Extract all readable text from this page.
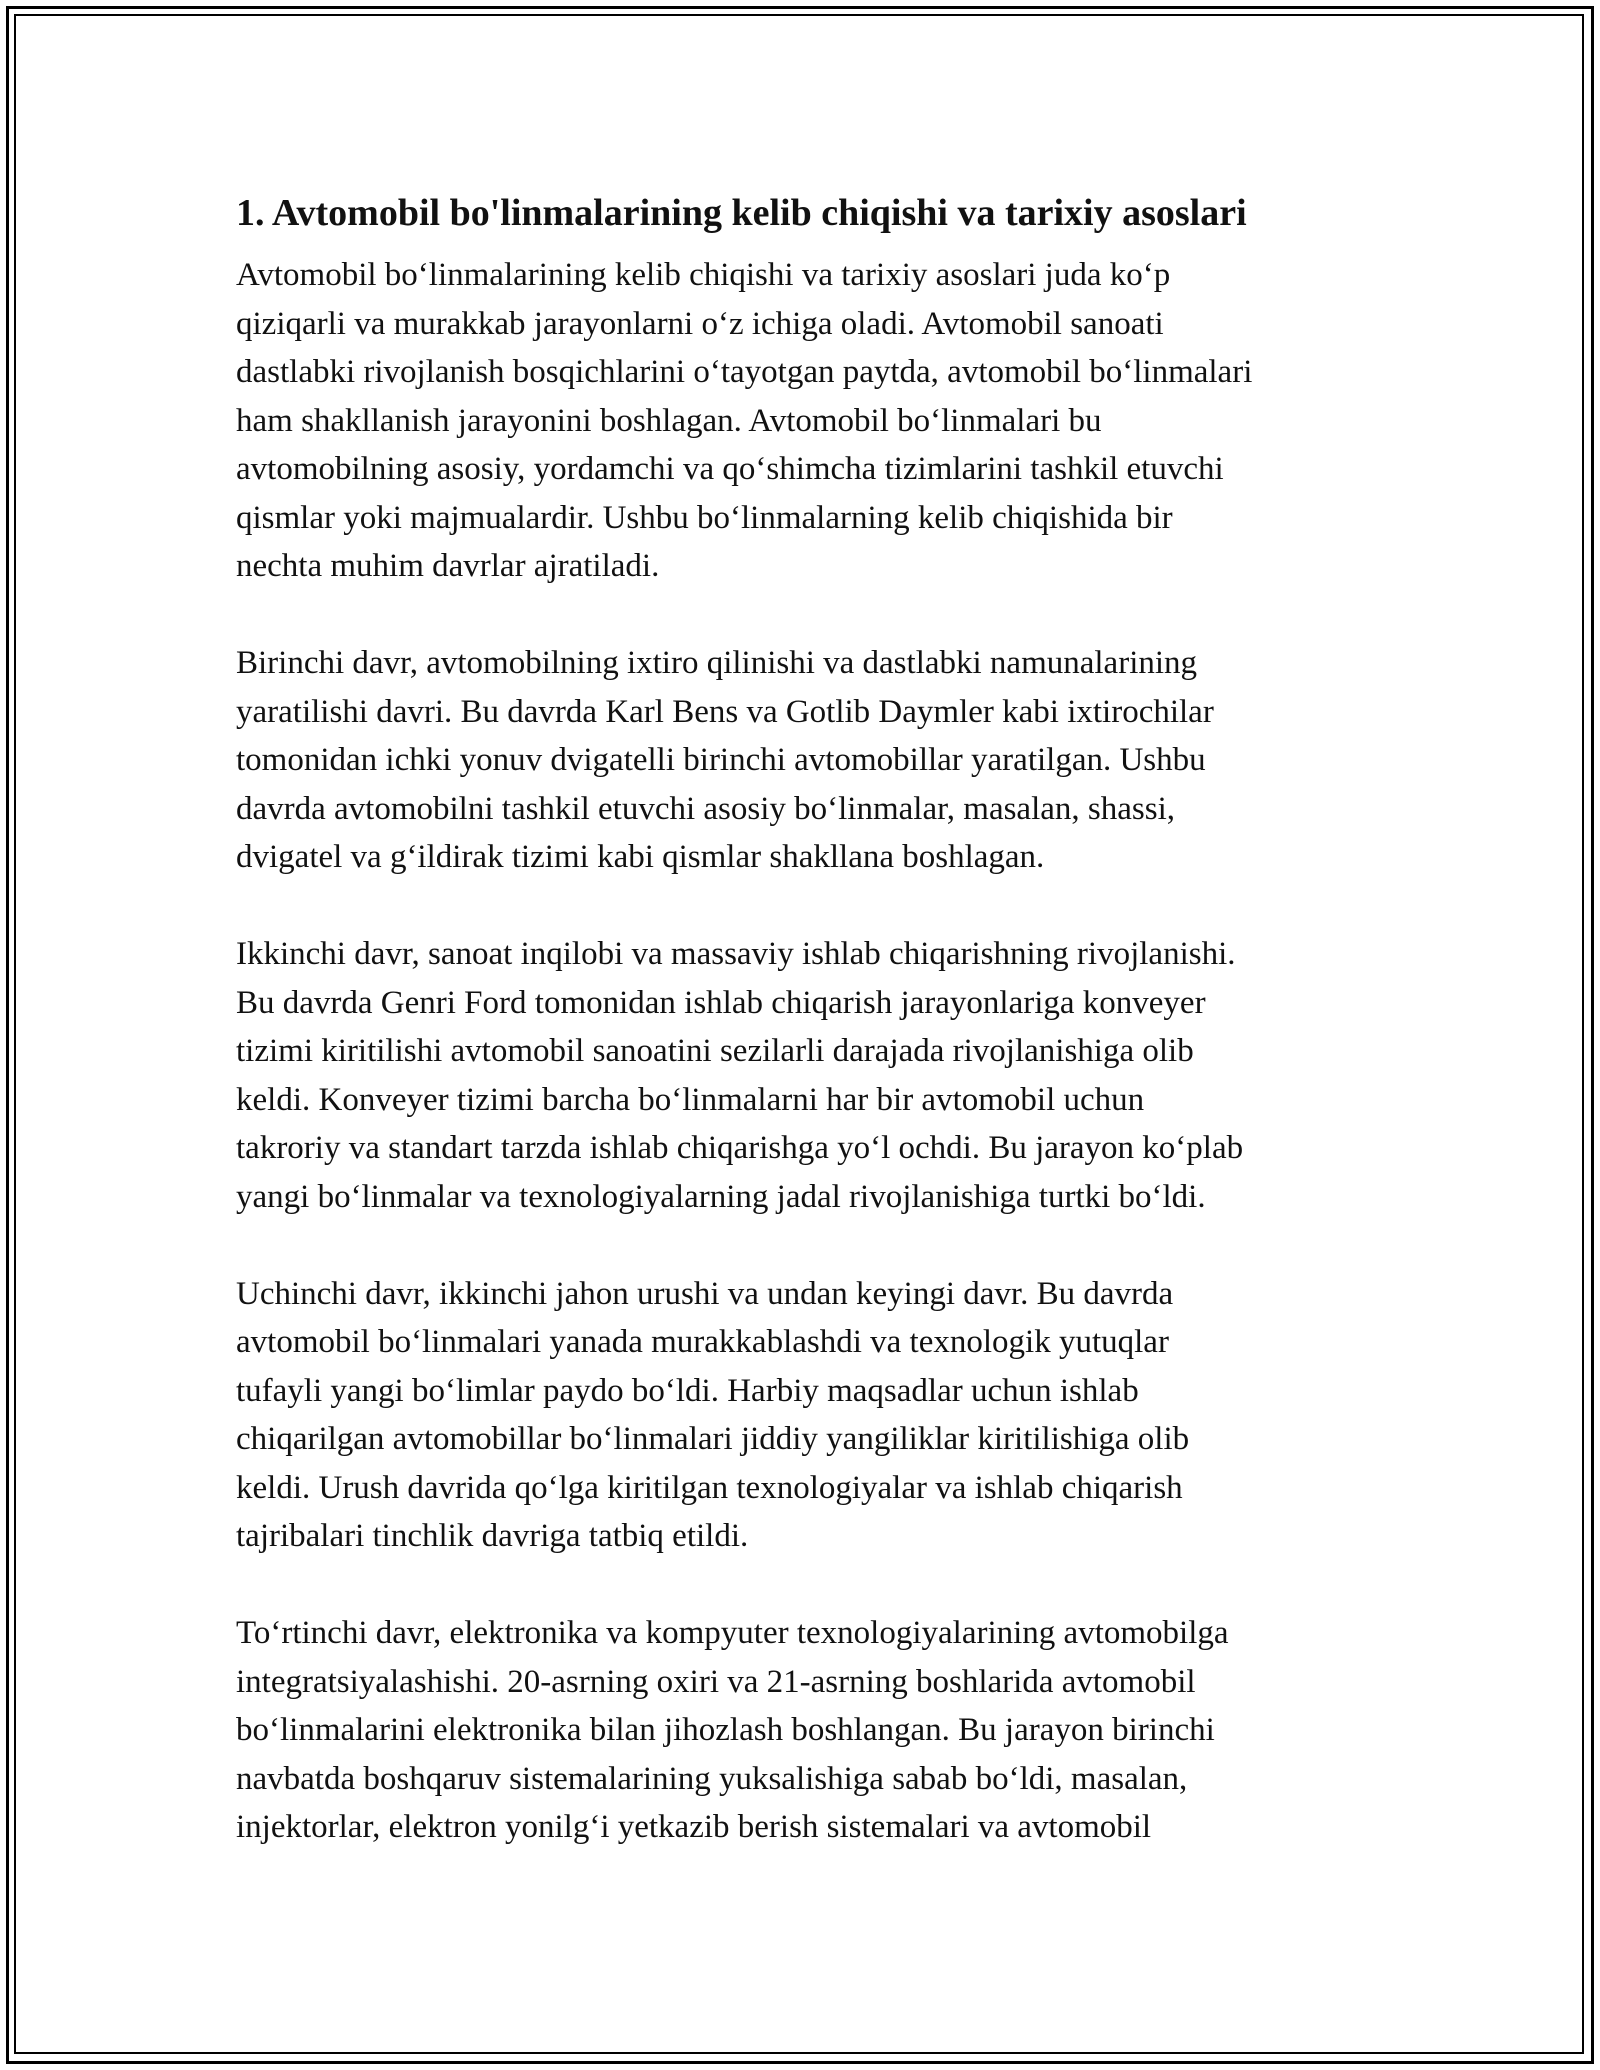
1. Avtomobil bo'linmalarining kelib chiqishi va tarixiy asoslari

Avtomobil bo‘linmalarining kelib chiqishi va tarixiy asoslari juda ko‘p
qiziqarli va murakkab jarayonlarni o‘z ichiga oladi. Avtomobil sanoati
dastlabki rivojlanish bosqichlarini o‘tayotgan paytda, avtomobil bo‘linmalari
ham shakllanish jarayonini boshlagan. Avtomobil bo‘linmalari bu
avtomobilning asosiy, yordamchi va qo‘shimcha tizimlarini tashkil etuvchi
qismlar yoki majmualardir. Ushbu bo‘linmalarning kelib chiqishida bir
nechta muhim davrlar ajratiladi.

Birinchi davr, avtomobilning ixtiro qilinishi va dastlabki namunalarining
yaratilishi davri. Bu davrda Karl Bens va Gotlib Daymler kabi ixtirochilar
tomonidan ichki yonuv dvigatelli birinchi avtomobillar yaratilgan. Ushbu
davrda avtomobilni tashkil etuvchi asosiy bo‘linmalar, masalan, shassi,
dvigatel va g‘ildirak tizimi kabi qismlar shakllana boshlagan.

Ikkinchi davr, sanoat inqilobi va massaviy ishlab chiqarishning rivojlanishi.
Bu davrda Genri Ford tomonidan ishlab chiqarish jarayonlariga konveyer
tizimi kiritilishi avtomobil sanoatini sezilarli darajada rivojlanishiga olib
keldi. Konveyer tizimi barcha bo‘linmalarni har bir avtomobil uchun
takroriy va standart tarzda ishlab chiqarishga yo‘l ochdi. Bu jarayon ko‘plab
yangi bo‘linmalar va texnologiyalarning jadal rivojlanishiga turtki bo‘ldi.

Uchinchi davr, ikkinchi jahon urushi va undan keyingi davr. Bu davrda
avtomobil bo‘linmalari yanada murakkablashdi va texnologik yutuqlar
tufayli yangi bo‘limlar paydo bo‘ldi. Harbiy maqsadlar uchun ishlab
chiqarilgan avtomobillar bo‘linmalari jiddiy yangiliklar kiritilishiga olib
keldi. Urush davrida qo‘lga kiritilgan texnologiyalar va ishlab chiqarish
tajribalari tinchlik davriga tatbiq etildi.

To‘rtinchi davr, elektronika va kompyuter texnologiyalarining avtomobilga
integratsiyalashishi. 20-asrning oxiri va 21-asrning boshlarida avtomobil
bo‘linmalarini elektronika bilan jihozlash boshlangan. Bu jarayon birinchi
navbatda boshqaruv sistemalarining yuksalishiga sabab bo‘ldi, masalan,
injektorlar, elektron yonilg‘i yetkazib berish sistemalari va avtomobil
